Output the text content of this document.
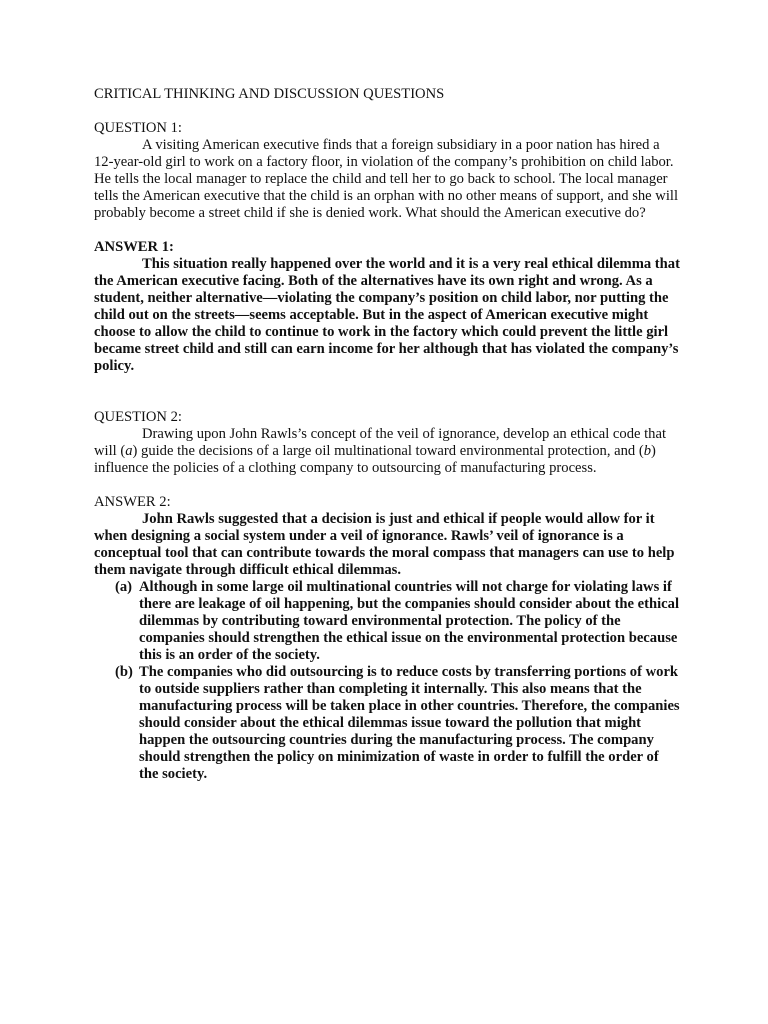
CRITICAL THINKING AND DISCUSSION QUESTIONS

QUESTION 1:

A visiting American executive finds that a foreign subsidiary in a poor nation has hired a 12-year-old girl to work on a factory floor, in violation of the company’s prohibition on child labor. He tells the local manager to replace the child and tell her to go back to school. The local manager tells the American executive that the child is an orphan with no other means of support, and she will probably become a street child if she is denied work. What should the American executive do?

ANSWER 1:

This situation really happened over the world and it is a very real ethical dilemma that the American executive facing. Both of the alternatives have its own right and wrong. As a student, neither alternative—violating the company’s position on child labor, nor putting the child out on the streets—seems acceptable. But in the aspect of American executive might choose to allow the child to continue to work in the factory which could prevent the little girl became street child and still can earn income for her although that has violated the company’s policy.

QUESTION 2:

Drawing upon John Rawls’s concept of the veil of ignorance, develop an ethical code that will (a) guide the decisions of a large oil multinational toward environmental protection, and (b) influence the policies of a clothing company to outsourcing of manufacturing process.

ANSWER 2:

John Rawls suggested that a decision is just and ethical if people would allow for it when designing a social system under a veil of ignorance. Rawls’ veil of ignorance is a conceptual tool that can contribute towards the moral compass that managers can use to help them navigate through difficult ethical dilemmas.

(a) Although in some large oil multinational countries will not charge for violating laws if there are leakage of oil happening, but the companies should consider about the ethical dilemmas by contributing toward environmental protection. The policy of the companies should strengthen the ethical issue on the environmental protection because this is an order of the society.
(b) The companies who did outsourcing is to reduce costs by transferring portions of work to outside suppliers rather than completing it internally. This also means that the manufacturing process will be taken place in other countries. Therefore, the companies should consider about the ethical dilemmas issue toward the pollution that might happen the outsourcing countries during the manufacturing process. The company should strengthen the policy on minimization of waste in order to fulfill the order of the society.
